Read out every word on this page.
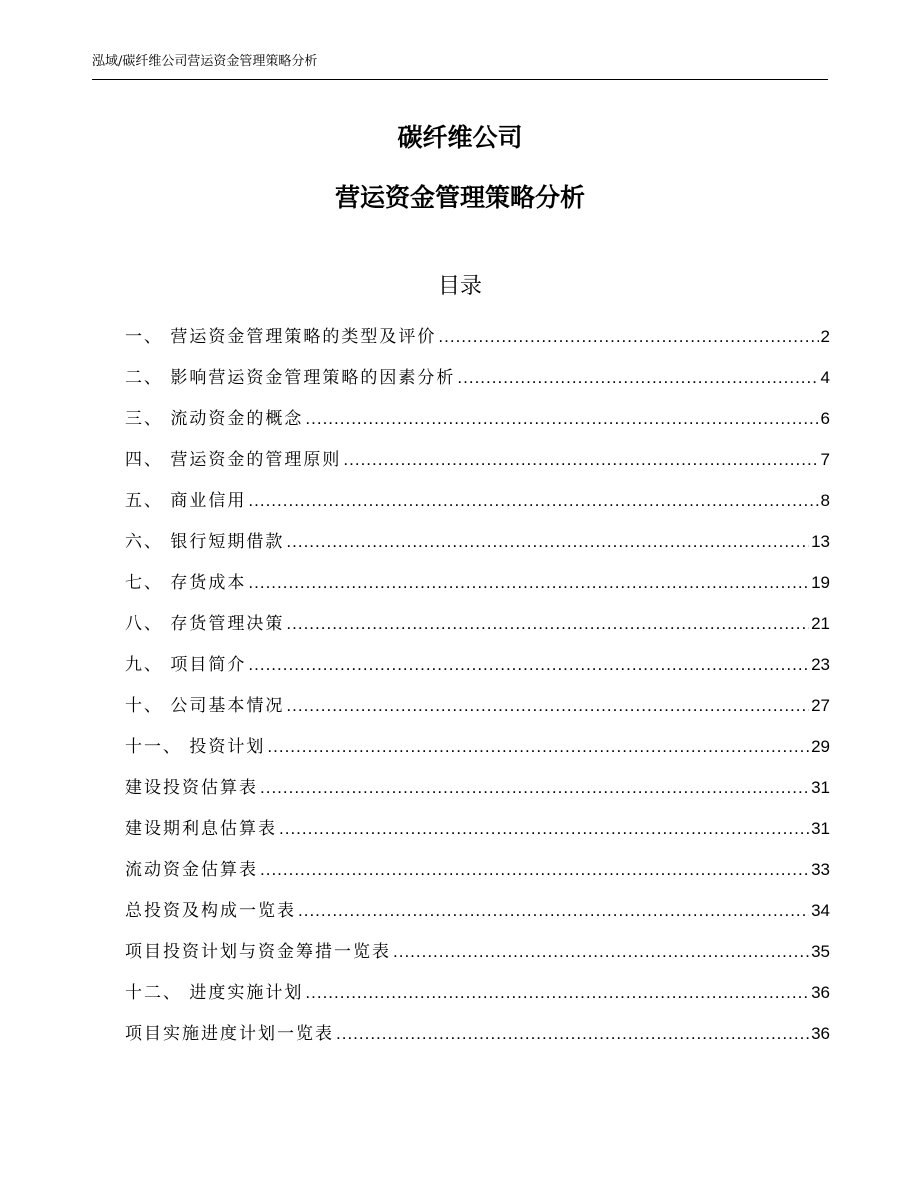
泓域/碳纤维公司营运资金管理策略分析
碳纤维公司
营运资金管理策略分析
目录
一、 营运资金管理策略的类型及评价 .....	2
二、 影响营运资金管理策略的因素分析 .....	4
三、 流动资金的概念 .....	6
四、 营运资金的管理原则 .....	7
五、 商业信用 .....	8
六、 银行短期借款 .....	13
七、 存货成本 .....	19
八、 存货管理决策 .....	21
九、 项目简介 .....	23
十、 公司基本情况 .....	27
十一、 投资计划 .....	29
建设投资估算表 .....	31
建设期利息估算表 .....	31
流动资金估算表 .....	33
总投资及构成一览表 .....	34
项目投资计划与资金筹措一览表 .....	35
十二、 进度实施计划 .....	36
项目实施进度计划一览表 .....	36
